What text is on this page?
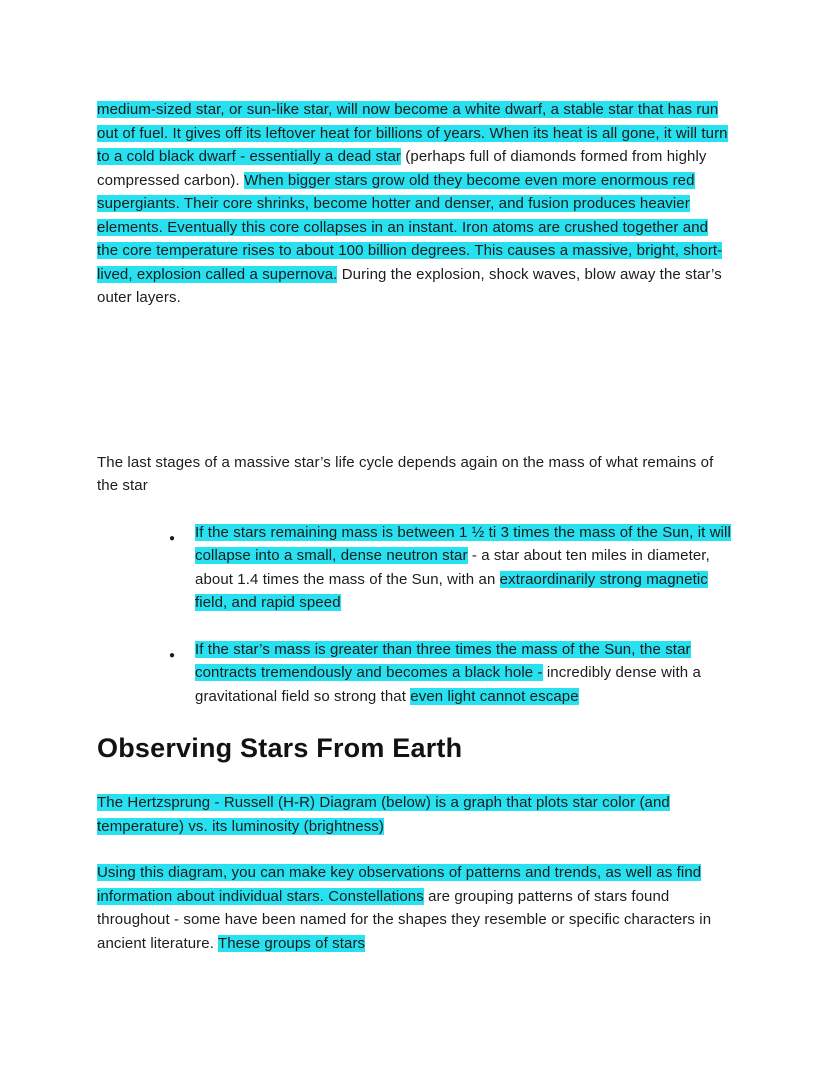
medium-sized star, or sun-like star, will now become a white dwarf, a stable star that has run out of fuel. It gives off its leftover heat for billions of years. When its heat is all gone, it will turn to a cold black dwarf - essentially a dead star (perhaps full of diamonds formed from highly compressed carbon). When bigger stars grow old they become even more enormous red supergiants. Their core shrinks, become hotter and denser, and fusion produces heavier elements. Eventually this core collapses in an instant. Iron atoms are crushed together and the core temperature rises to about 100 billion degrees. This causes a massive, bright, short-lived, explosion called a supernova. During the explosion, shock waves, blow away the star’s outer layers.

The last stages of a massive star’s life cycle depends again on the mass of what remains of the star

● If the stars remaining mass is between 1 ½ ti 3 times the mass of the Sun, it will collapse into a small, dense neutron star - a star about ten miles in diameter, about 1.4 times the mass of the Sun, with an extraordinarily strong magnetic field, and rapid speed
● If the star’s mass is greater than three times the mass of the Sun, the star contracts tremendously and becomes a black hole - incredibly dense with a gravitational field so strong that even light cannot escape
Observing Stars From Earth

The Hertzsprung - Russell (H-R) Diagram (below) is a graph that plots star color (and temperature) vs. its luminosity (brightness)

Using this diagram, you can make key observations of patterns and trends, as well as find information about individual stars. Constellations are grouping patterns of stars found throughout - some have been named for the shapes they resemble or specific characters in ancient literature. These groups of stars
